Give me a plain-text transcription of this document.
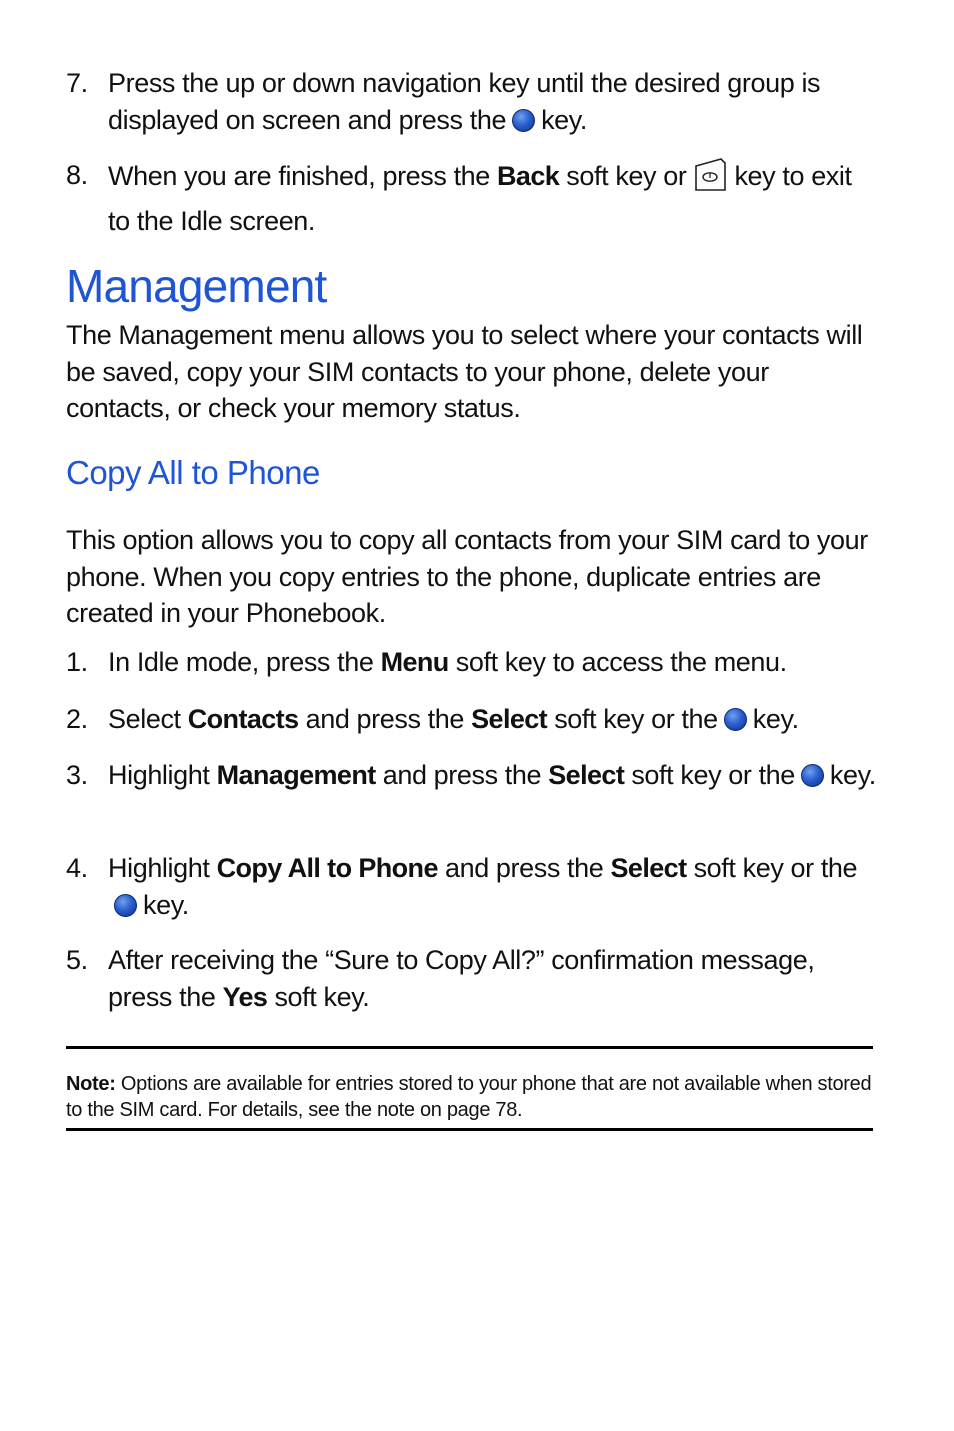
7. Press the up or down navigation key until the desired group is displayed on screen and press the key.
8. When you are finished, press the Back soft key or key to exit to the Idle screen.
Management
The Management menu allows you to select where your contacts will be saved, copy your SIM contacts to your phone, delete your contacts, or check your memory status.
Copy All to Phone
This option allows you to copy all contacts from your SIM card to your phone. When you copy entries to the phone, duplicate entries are created in your Phonebook.
1. In Idle mode, press the Menu soft key to access the menu.
2. Select Contacts and press the Select soft key or the key.
3. Highlight Management and press the Select soft key or the key.
4. Highlight Copy All to Phone and press the Select soft key or thekey.
5. After receiving the “Sure to Copy All?” confirmation message, press the Yes soft key.
Note: Options are available for entries stored to your phone that are not available when stored to the SIM card. For details, see the note on page 78.
